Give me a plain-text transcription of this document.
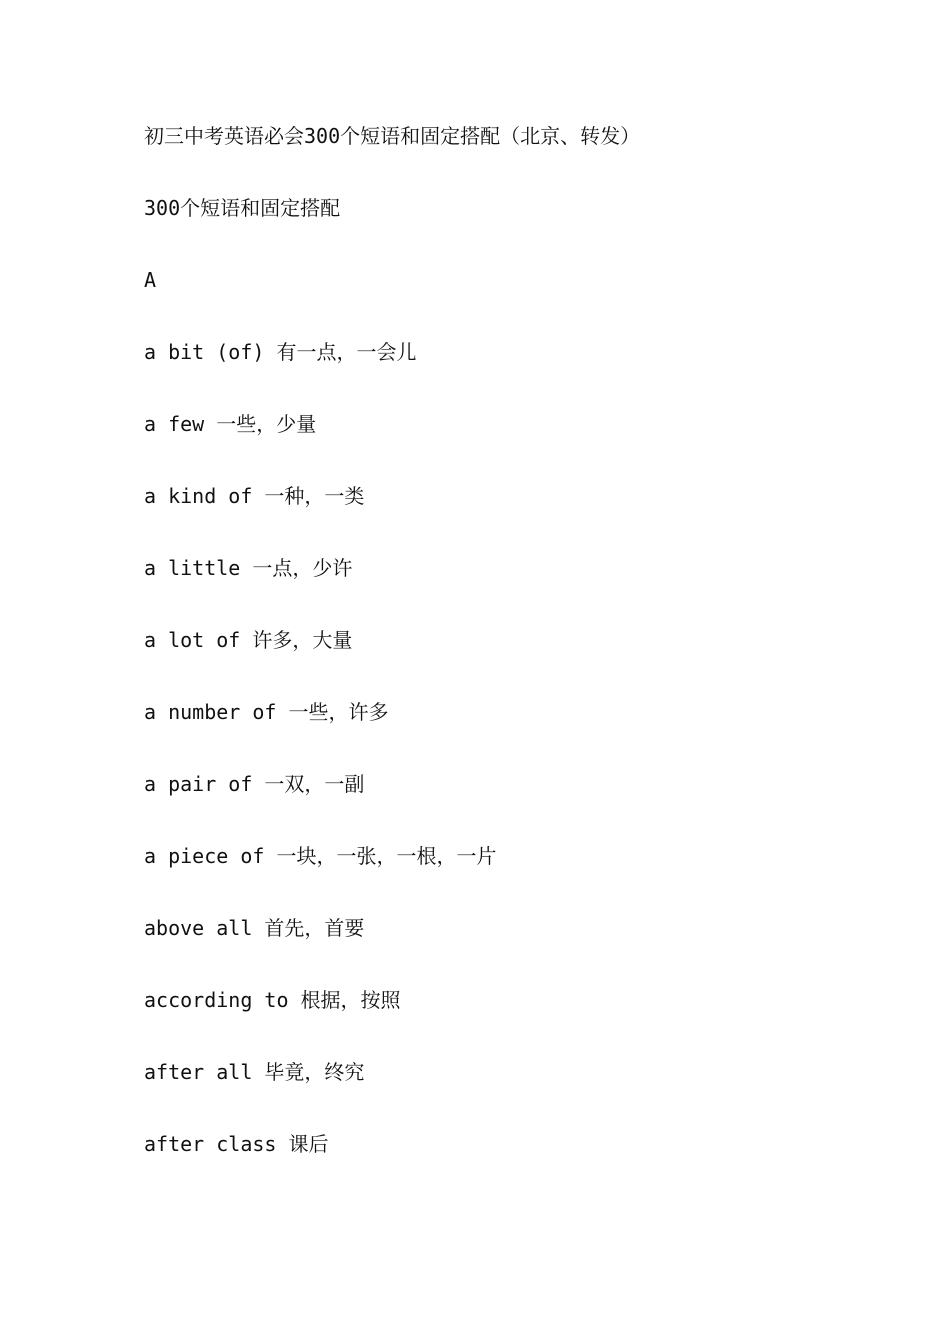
初三中考英语必会300个短语和固定搭配（北京、转发）
300个短语和固定搭配
A
a bit (of) 有一点，一会儿
a few 一些，少量
a kind of 一种，一类
a little 一点，少许
a lot of 许多，大量
a number of 一些，许多
a pair of 一双，一副
a piece of 一块，一张，一根，一片
above all 首先，首要
according to 根据，按照
after all 毕竟，终究
after class 课后
